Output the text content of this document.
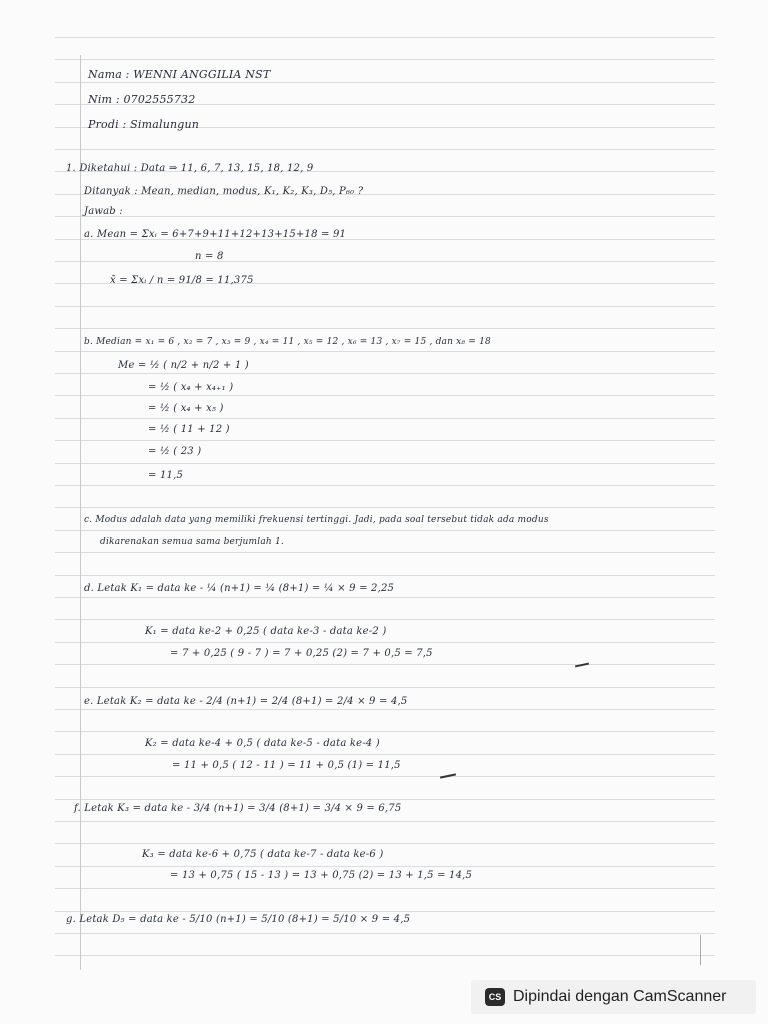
Nama : WENNI ANGGILIA NST
Nim : 0702555732
Prodi : Simalungun
1. Diketahui : Data ⇒ 11, 6, 7, 13, 15, 18, 12, 9
Ditanyak : Mean, median, modus, K₁, K₂, K₃, D₅, P₆₀ ?
Jawab :
a. Mean = Σxᵢ = 6+7+9+11+12+13+15+18 = 91
n = 8
x̄ = Σxᵢ / n = 91/8 = 11,375
b. Median = x₁ = 6 , x₂ = 7 , x₃ = 9 , x₄ = 11 , x₅ = 12 , x₆ = 13 , x₇ = 15 , dan x₈ = 18
Me = ½ ( n/2 + n/2 + 1 )
= ½ ( x₄ + x₄₊₁ )
= ½ ( x₄ + x₅ )
= ½ ( 11 + 12 )
= ½ ( 23 )
= 11,5
c. Modus adalah data yang memiliki frekuensi tertinggi. Jadi, pada soal tersebut tidak ada modus
dikarenakan semua sama berjumlah 1.
d. Letak K₁ = data ke - ¼ (n+1) = ¼ (8+1) = ¼ × 9 = 2,25
K₁ = data ke-2 + 0,25 ( data ke-3 - data ke-2 )
= 7 + 0,25 ( 9 - 7 ) = 7 + 0,25 (2) = 7 + 0,5 = 7,5
e. Letak K₂ = data ke - 2/4 (n+1) = 2/4 (8+1) = 2/4 × 9 = 4,5
K₂ = data ke-4 + 0,5 ( data ke-5 - data ke-4 )
= 11 + 0,5 ( 12 - 11 ) = 11 + 0,5 (1) = 11,5
f. Letak K₃ = data ke - 3/4 (n+1) = 3/4 (8+1) = 3/4 × 9 = 6,75
K₃ = data ke-6 + 0,75 ( data ke-7 - data ke-6 )
= 13 + 0,75 ( 15 - 13 ) = 13 + 0,75 (2) = 13 + 1,5 = 14,5
g. Letak D₅ = data ke - 5/10 (n+1) = 5/10 (8+1) = 5/10 × 9 = 4,5
CS Dipindai dengan CamScanner
